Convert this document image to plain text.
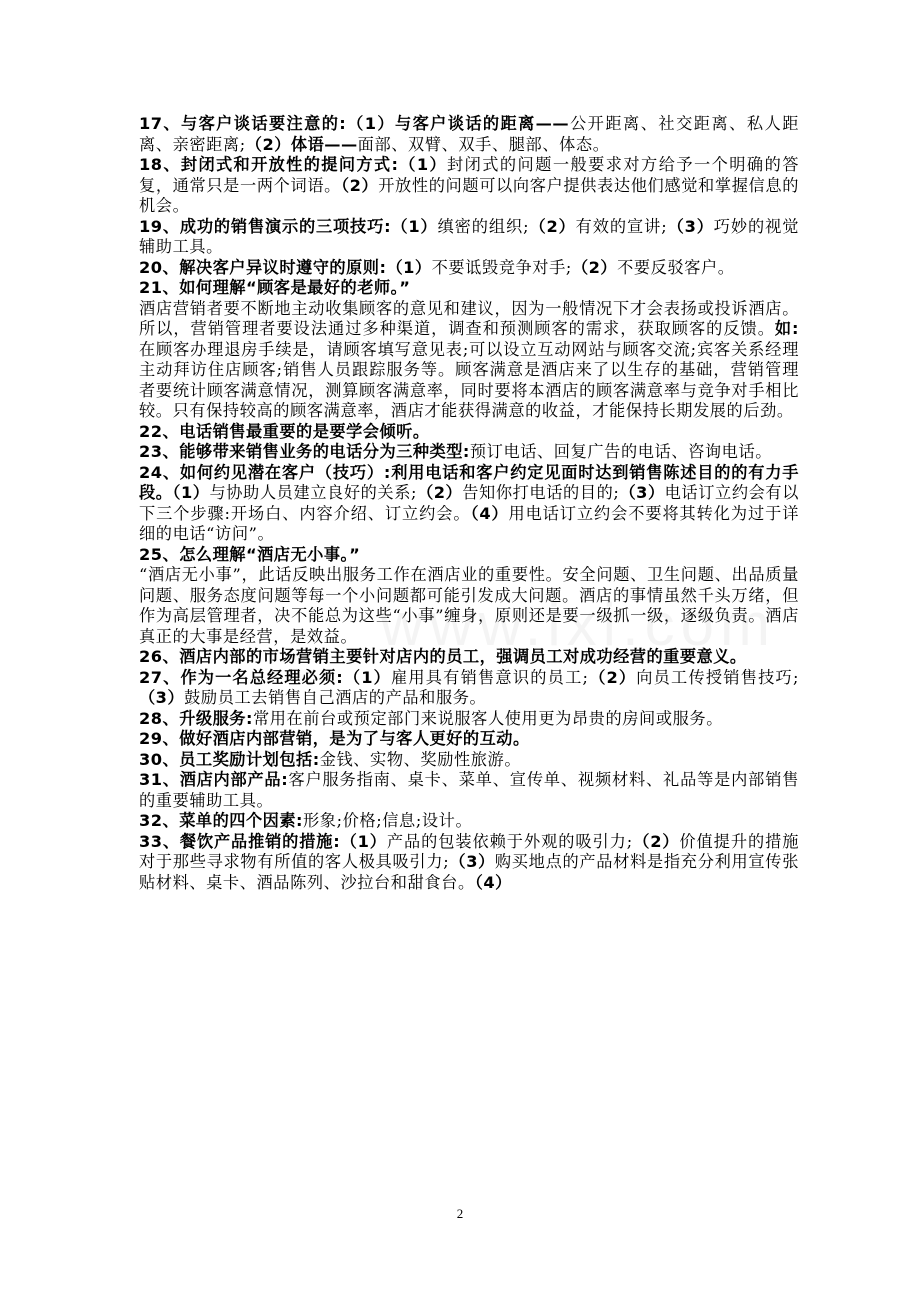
17、与客户谈话要注意的:（1）与客户谈话的距离——公开距离、社交距离、私人距离、亲密距离;（2）体语——面部、双臂、双手、腿部、体态。

18、封闭式和开放性的提问方式:（1）封闭式的问题一般要求对方给予一个明确的答复，通常只是一两个词语。（2）开放性的问题可以向客户提供表达他们感觉和掌握信息的机会。

19、成功的销售演示的三项技巧:（1）缜密的组织;（2）有效的宣讲;（3）巧妙的视觉辅助工具。

20、解决客户异议时遵守的原则:（1）不要诋毁竞争对手;（2）不要反驳客户。

21、如何理解“顾客是最好的老师。”

酒店营销者要不断地主动收集顾客的意见和建议，因为一般情况下才会表扬或投诉酒店。所以，营销管理者要设法通过多种渠道，调查和预测顾客的需求，获取顾客的反馈。如:在顾客办理退房手续是，请顾客填写意见表;可以设立互动网站与顾客交流;宾客关系经理主动拜访住店顾客;销售人员跟踪服务等。顾客满意是酒店来了以生存的基础，营销管理者要统计顾客满意情况，测算顾客满意率，同时要将本酒店的顾客满意率与竞争对手相比较。只有保持较高的顾客满意率，酒店才能获得满意的收益，才能保持长期发展的后劲。

22、电话销售最重要的是要学会倾听。

23、能够带来销售业务的电话分为三种类型:预订电话、回复广告的电话、咨询电话。

24、如何约见潜在客户（技巧）:利用电话和客户约定见面时达到销售陈述目的的有力手段。（1）与协助人员建立良好的关系;（2）告知你打电话的目的;（3）电话订立约会有以下三个步骤:开场白、内容介绍、订立约会。（4）用电话订立约会不要将其转化为过于详细的电话“访问”。

25、怎么理解“酒店无小事。”

“酒店无小事”，此话反映出服务工作在酒店业的重要性。安全问题、卫生问题、出品质量问题、服务态度问题等每一个小问题都可能引发成大问题。酒店的事情虽然千头万绪，但作为高层管理者，决不能总为这些“小事”缠身，原则还是要一级抓一级，逐级负责。酒店真正的大事是经营，是效益。

26、酒店内部的市场营销主要针对店内的员工，强调员工对成功经营的重要意义。

27、作为一名总经理必须:（1）雇用具有销售意识的员工;（2）向员工传授销售技巧;（3）鼓励员工去销售自己酒店的产品和服务。

28、升级服务:常用在前台或预定部门来说服客人使用更为昂贵的房间或服务。

29、做好酒店内部营销，是为了与客人更好的互动。

30、员工奖励计划包括:金钱、实物、奖励性旅游。

31、酒店内部产品:客户服务指南、桌卡、菜单、宣传单、视频材料、礼品等是内部销售的重要辅助工具。

32、菜单的四个因素:形象;价格;信息;设计。

33、餐饮产品推销的措施:（1）产品的包装依赖于外观的吸引力;（2）价值提升的措施对于那些寻求物有所值的客人极具吸引力;（3）购买地点的产品材料是指充分利用宣传张贴材料、桌卡、酒品陈列、沙拉台和甜食台。（4）

2
